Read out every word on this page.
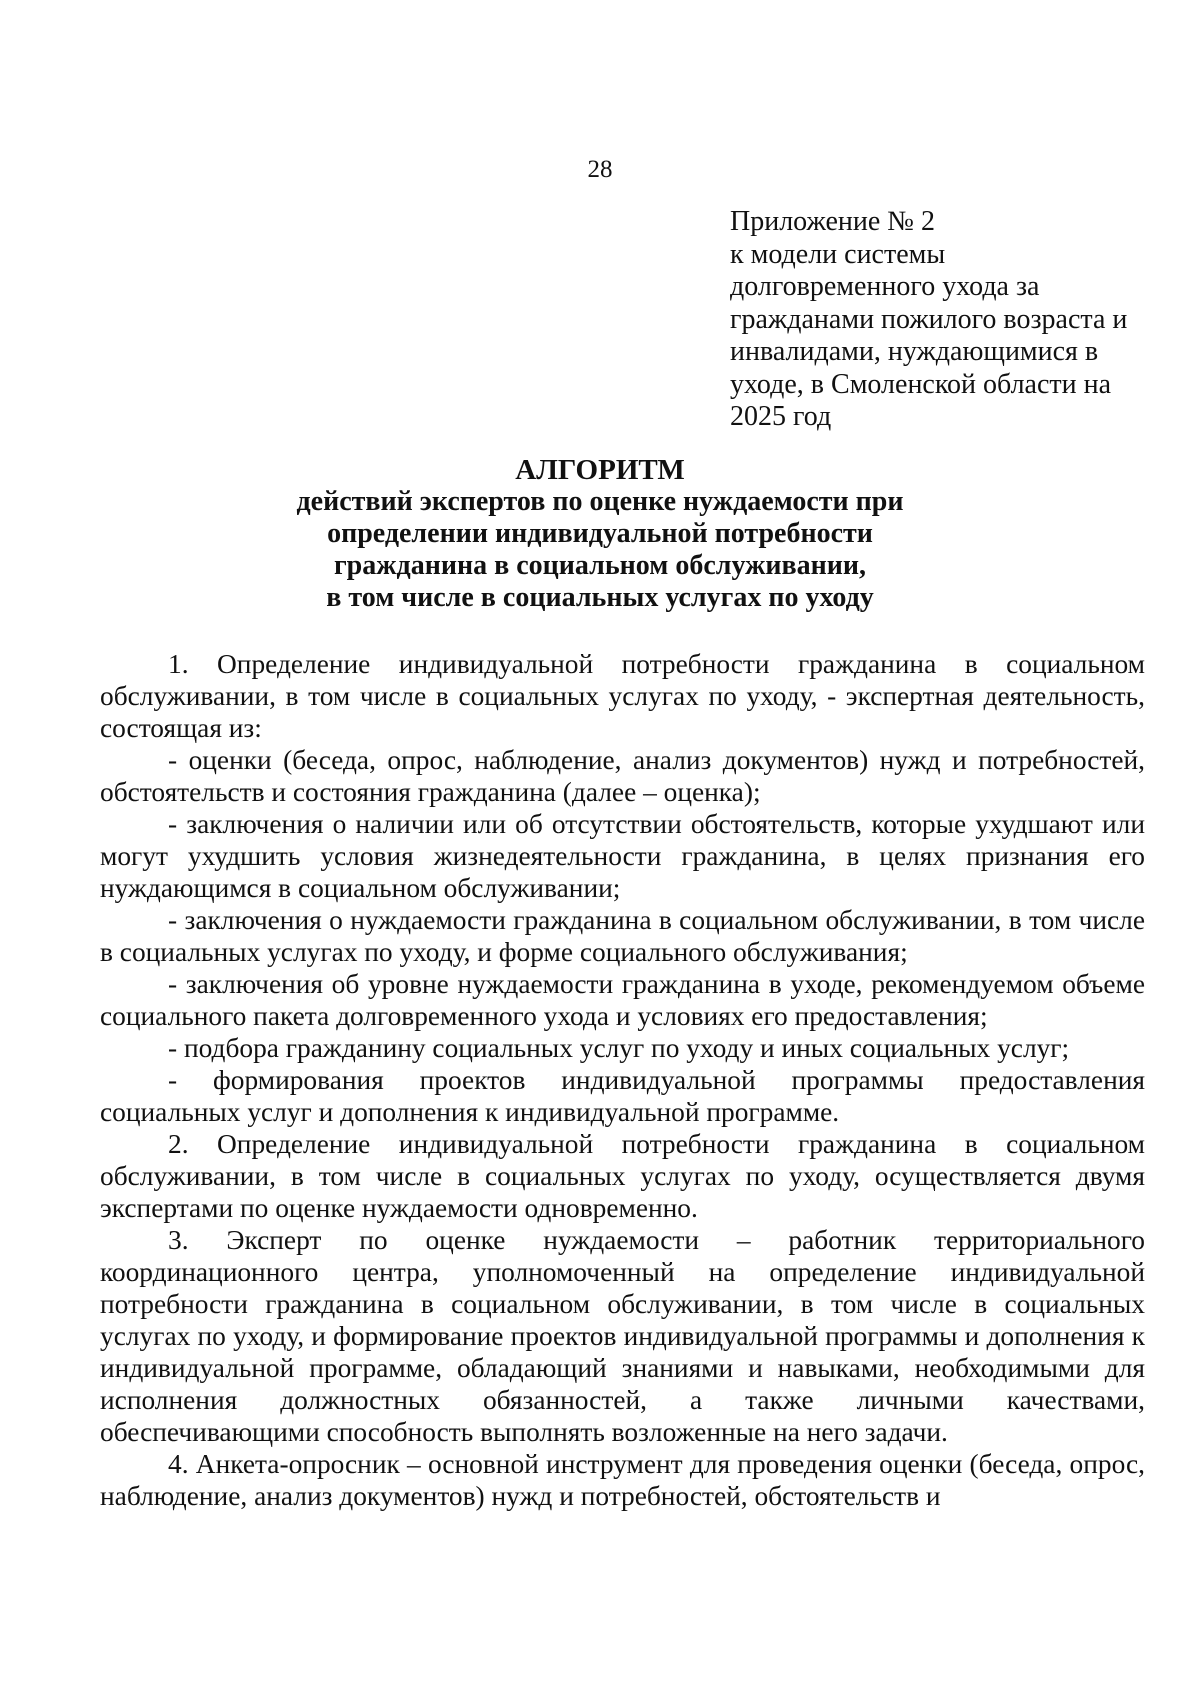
28
Приложение № 2
к модели системы
долговременного ухода за
гражданами пожилого возраста и
инвалидами, нуждающимися в
уходе, в Смоленской области на
2025 год
АЛГОРИТМ
действий экспертов по оценке нуждаемости при
определении индивидуальной потребности
гражданина в социальном обслуживании,
в том числе в социальных услугах по уходу

1. Определение индивидуальной потребности гражданина в социальном обслуживании, в том числе в социальных услугах по уходу, - экспертная деятельность, состоящая из:

- оценки (беседа, опрос, наблюдение, анализ документов) нужд и потребностей, обстоятельств и состояния гражданина (далее – оценка);

- заключения о наличии или об отсутствии обстоятельств, которые ухудшают или могут ухудшить условия жизнедеятельности гражданина, в целях признания его нуждающимся в социальном обслуживании;

- заключения о нуждаемости гражданина в социальном обслуживании, в том числе в социальных услугах по уходу, и форме социального обслуживания;

- заключения об уровне нуждаемости гражданина в уходе, рекомендуемом объеме социального пакета долговременного ухода и условиях его предоставления;

- подбора гражданину социальных услуг по уходу и иных социальных услуг;

- формирования проектов индивидуальной программы предоставления социальных услуг и дополнения к индивидуальной программе.

2. Определение индивидуальной потребности гражданина в социальном обслуживании, в том числе в социальных услугах по уходу, осуществляется двумя экспертами по оценке нуждаемости одновременно.

3. Эксперт по оценке нуждаемости – работник территориального координационного центра, уполномоченный на определение индивидуальной потребности гражданина в социальном обслуживании, в том числе в социальных услугах по уходу, и формирование проектов индивидуальной программы и дополнения к индивидуальной программе, обладающий знаниями и навыками, необходимыми для исполнения должностных обязанностей, а также личными качествами, обеспечивающими способность выполнять возложенные на него задачи.

4. Анкета-опросник – основной инструмент для проведения оценки (беседа, опрос, наблюдение, анализ документов) нужд и потребностей, обстоятельств и
